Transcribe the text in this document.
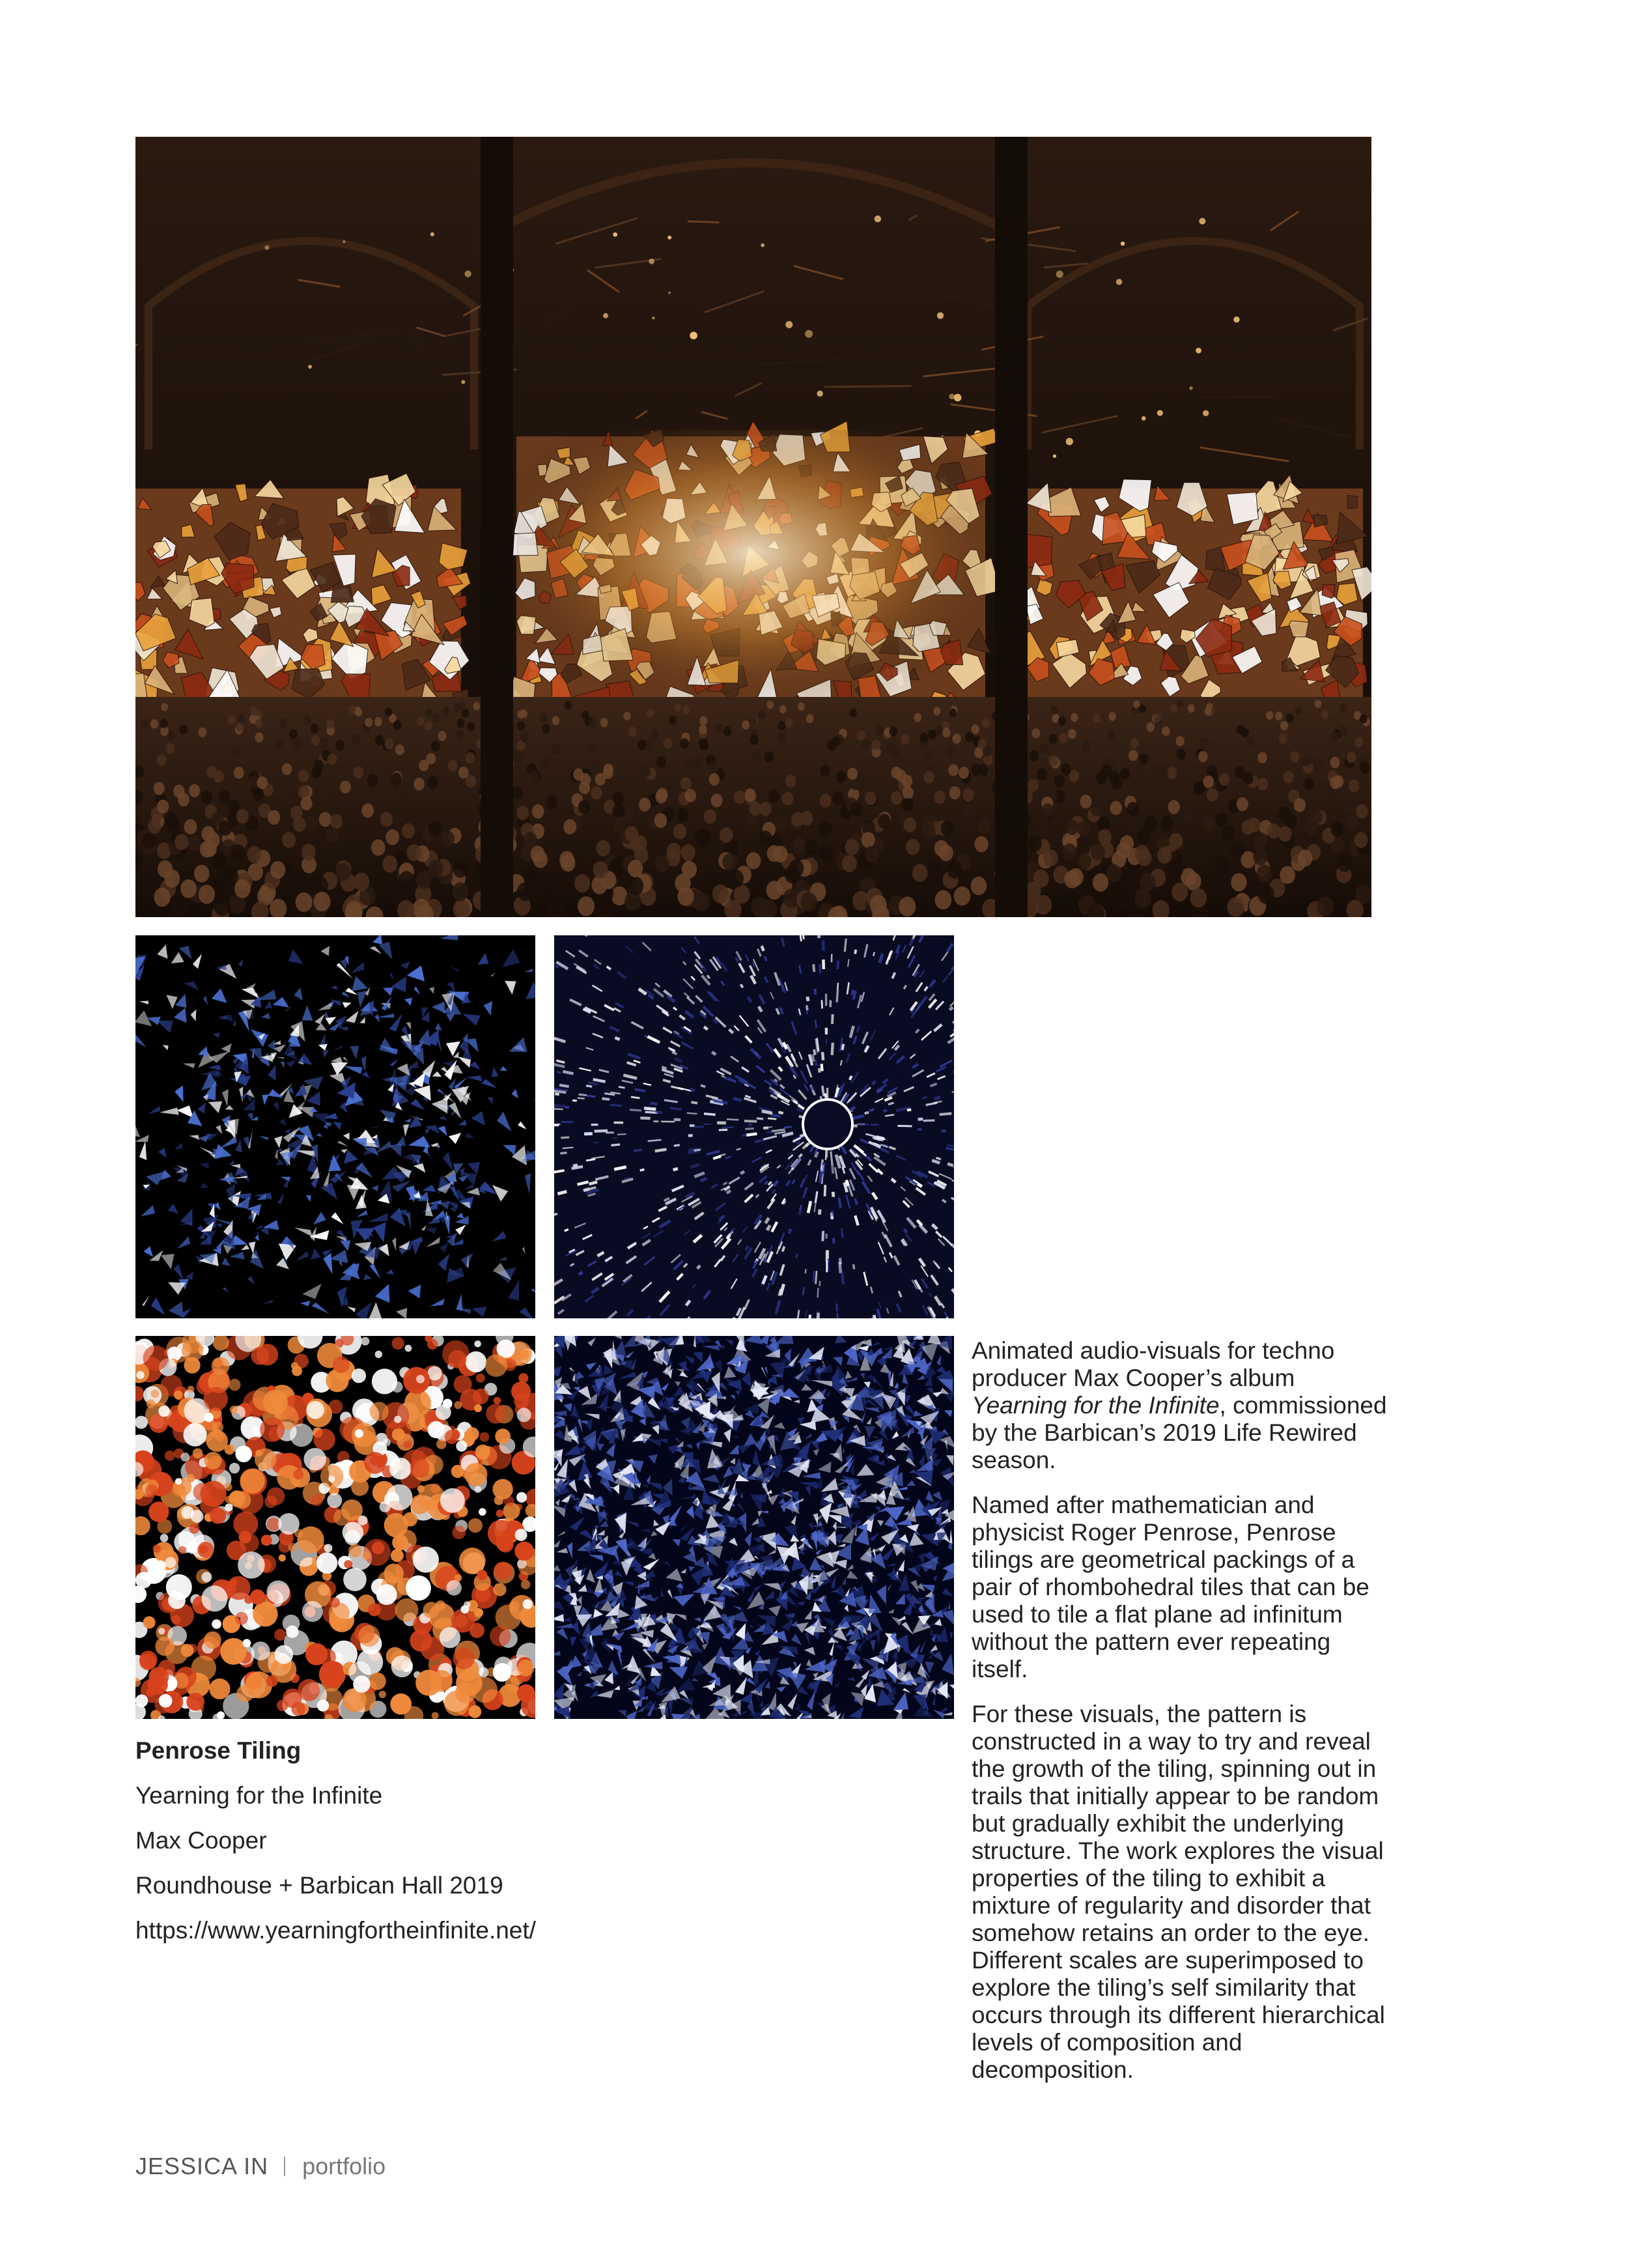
Penrose Tiling
Yearning for the Infinite
Max Cooper
Roundhouse + Barbican Hall 2019
https://www.yearningfortheinfinite.net/

Animated audio-visuals for techno producer Max Cooper’s album Yearning for the Infinite, commissioned by the Barbican’s 2019 Life Rewired season.

Named after mathematician and physicist Roger Penrose, Penrose tilings are geometrical packings of a pair of rhombohedral tiles that can be used to tile a flat plane ad infinitum without the pattern ever repeating itself.

For these visuals, the pattern is constructed in a way to try and reveal the growth of the tiling, spinning out in trails that initially appear to be random but gradually exhibit the underlying structure. The work explores the visual properties of the tiling to exhibit a mixture of regularity and disorder that somehow retains an order to the eye. Different scales are superimposed to explore the tiling’s self similarity that occurs through its different hierarchical levels of composition and decomposition.

JESSICA IN portfolio
